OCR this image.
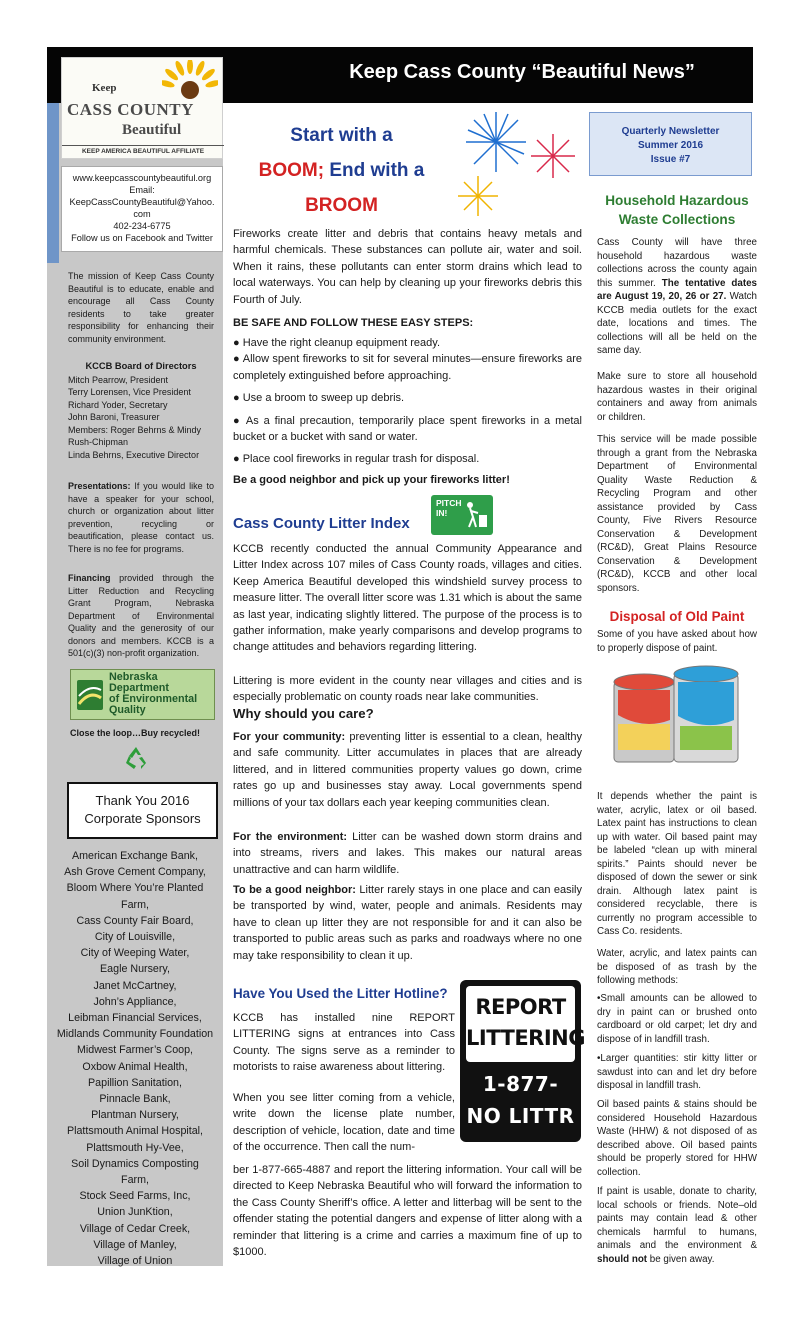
Keep Cass County “Beautiful News”
Keep
CASS COUNTY
Beautiful
KEEP AMERICA BEAUTIFUL AFFILIATE
www.keepcasscountybeautiful.org
Email:
KeepCassCountyBeautiful@Yahoo.
com
402-234-6775
Follow us on Facebook and Twitter
The mission of Keep Cass County Beautiful is to educate, enable and encourage all Cass County residents to take greater responsibility for enhancing their community environment.
KCCB Board of Directors
Mitch Pearrow, President
Terry Lorensen, Vice President
Richard Yoder, Secretary
John Baroni, Treasurer
Members: Roger Behrns & Mindy Rush-Chipman
Linda Behrns, Executive Director
Presentations: If you would like to have a speaker for your school, church or organization about litter prevention, recycling or beautification, please contact us. There is no fee for programs.
Financing provided through the Litter Reduction and Recycling Grant Program, Nebraska Department of Environmental Quality and the generosity of our donors and members. KCCB is a 501(c)(3) non-profit organization.
Nebraska
Department
of Environmental
Quality
Close the loop…Buy recycled!
Thank You 2016
Corporate Sponsors
American Exchange Bank,
Ash Grove Cement Company,
Bloom Where You’re Planted
Farm,
Cass County Fair Board,
City of Louisville,
City of Weeping Water,
Eagle Nursery,
Janet McCartney,
John’s Appliance,
Leibman Financial Services,
Midlands Community Foundation
Midwest Farmer’s Coop,
Oxbow Animal Health,
Papillion Sanitation,
Pinnacle Bank,
Plantman Nursery,
Plattsmouth Animal Hospital,
Plattsmouth Hy-Vee,
Soil Dynamics Composting
Farm,
Stock Seed Farms, Inc,
Union JunKtion,
Village of Cedar Creek,
Village of Manley,
Village of Union
Start with a
BOOM; End with a
BROOM
Fireworks create litter and debris that contains heavy metals and harmful chemicals. These substances can pollute air, water and soil. When it rains, these pollutants can enter storm drains which lead to local waterways. You can help by cleaning up your fireworks debris this Fourth of July.
BE SAFE AND FOLLOW THESE EASY STEPS:
● Have the right cleanup equipment ready.
● Allow spent fireworks to sit for several minutes—ensure fireworks are completely extinguished before approaching.
● Use a broom to sweep up debris.
● As a final precaution, temporarily place spent fireworks in a metal bucket or a bucket with sand or water.
● Place cool fireworks in regular trash for disposal.
Be a good neighbor and pick up your fireworks litter!
Cass County Litter Index
PITCH IN!
KCCB recently conducted the annual Community Appearance and Litter Index across 107 miles of Cass County roads, villages and cities. Keep America Beautiful developed this windshield survey process to measure litter. The overall litter score was 1.31 which is about the same as last year, indicating slightly littered. The purpose of the process is to gather information, make yearly comparisons and develop programs to change attitudes and behaviors regarding littering.
Littering is more evident in the county near villages and cities and is especially problematic on county roads near lake communities.
Why should you care?
For your community: preventing litter is essential to a clean, healthy and safe community. Litter accumulates in places that are already littered, and in littered communities property values go down, crime rates go up and businesses stay away. Local governments spend millions of your tax dollars each year keeping communities clean.
For the environment: Litter can be washed down storm drains and into streams, rivers and lakes. This makes our natural areas unattractive and can harm wildlife.
To be a good neighbor: Litter rarely stays in one place and can easily be transported by wind, water, people and animals. Residents may have to clean up litter they are not responsible for and it can also be transported to public areas such as parks and roadways where no one may take responsibility to clean it up.
Have You Used the Litter Hotline?
KCCB has installed nine REPORT LITTERING signs at entrances into Cass County. The signs serve as a reminder to motorists to raise awareness about littering.
When you see litter coming from a vehicle, write down the license plate number, description of vehicle, location, date and time of the occurrence. Then call the num-
ber 1-877-665-4887 and report the littering information. Your call will be directed to Keep Nebraska Beautiful who will forward the information to the Cass County Sheriff’s office. A letter and litterbag will be sent to the offender stating the potential dangers and expense of litter along with a reminder that littering is a crime and carries a maximum fine of up to $1000.
REPORT
LITTERING
1-877-
NO LITTR
Quarterly Newsletter
Summer 2016
Issue #7
Household Hazardous
Waste Collections
Cass County will have three household hazardous waste collections across the county again this summer. The tentative dates are August 19, 20, 26 or 27. Watch KCCB media outlets for the exact date, locations and times. The collections will all be held on the same day.
Make sure to store all household hazardous wastes in their original containers and away from animals or children.
This service will be made possible through a grant from the Nebraska Department of Environmental Quality Waste Reduction & Recycling Program and other assistance provided by Cass County, Five Rivers Resource Conservation & Development (RC&D), Great Plains Resource Conservation & Development (RC&D), KCCB and other local sponsors.
Disposal of Old Paint
Some of you have asked about how to properly dispose of paint.
It depends whether the paint is water, acrylic, latex or oil based. Latex paint has instructions to clean up with water. Oil based paint may be labeled “clean up with mineral spirits.” Paints should never be disposed of down the sewer or sink drain. Although latex paint is considered recyclable, there is currently no program accessible to Cass Co. residents.
Water, acrylic, and latex paints can be disposed of as trash by the following methods:
•Small amounts can be allowed to dry in paint can or brushed onto cardboard or old carpet; let dry and dispose of in landfill trash.
•Larger quantities: stir kitty litter or sawdust into can and let dry before disposal in landfill trash.
Oil based paints & stains should be considered Household Hazardous Waste (HHW) & not disposed of as described above. Oil based paints should be properly stored for HHW collection.
If paint is usable, donate to charity, local schools or friends. Note–old paints may contain lead & other chemicals harmful to humans, animals and the environment & should not be given away.
